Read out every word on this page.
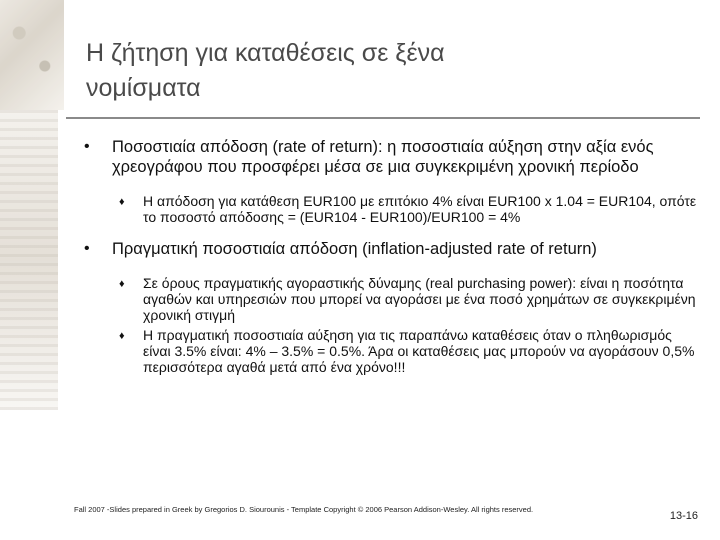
Η ζήτηση για καταθέσεις σε ξένα
νομίσματα
• Ποσοστιαία απόδοση (rate of return): η ποσοστιαία αύξηση στην αξία ενός χρεογράφου που προσφέρει μέσα σε μια συγκεκριμένη χρονική περίοδο
♦ Η απόδοση για κατάθεση EUR100 με επιτόκιο 4% είναι EUR100 x 1.04 = EUR104, οπότε το ποσοστό απόδοσης = (EUR104 - EUR100)/EUR100 = 4%
• Πραγματική ποσοστιαία απόδοση (inflation-adjusted rate of return)
♦ Σε όρους πραγματικής αγοραστικής δύναμης (real purchasing power): είναι η ποσότητα αγαθών και υπηρεσιών που μπορεί να αγοράσει με ένα ποσό χρημάτων σε συγκεκριμένη χρονική στιγμή
♦ Η πραγματική ποσοστιαία αύξηση για τις παραπάνω καταθέσεις όταν ο πληθωρισμός είναι 3.5% είναι: 4% – 3.5% = 0.5%. Άρα οι καταθέσεις μας μπορούν να αγοράσουν 0,5% περισσότερα αγαθά μετά από ένα χρόνο!!!
Fall 2007 -Slides prepared in Greek by Gregorios D. Siourounis - Template Copyright © 2006 Pearson Addison-Wesley. All rights reserved.
13-16
